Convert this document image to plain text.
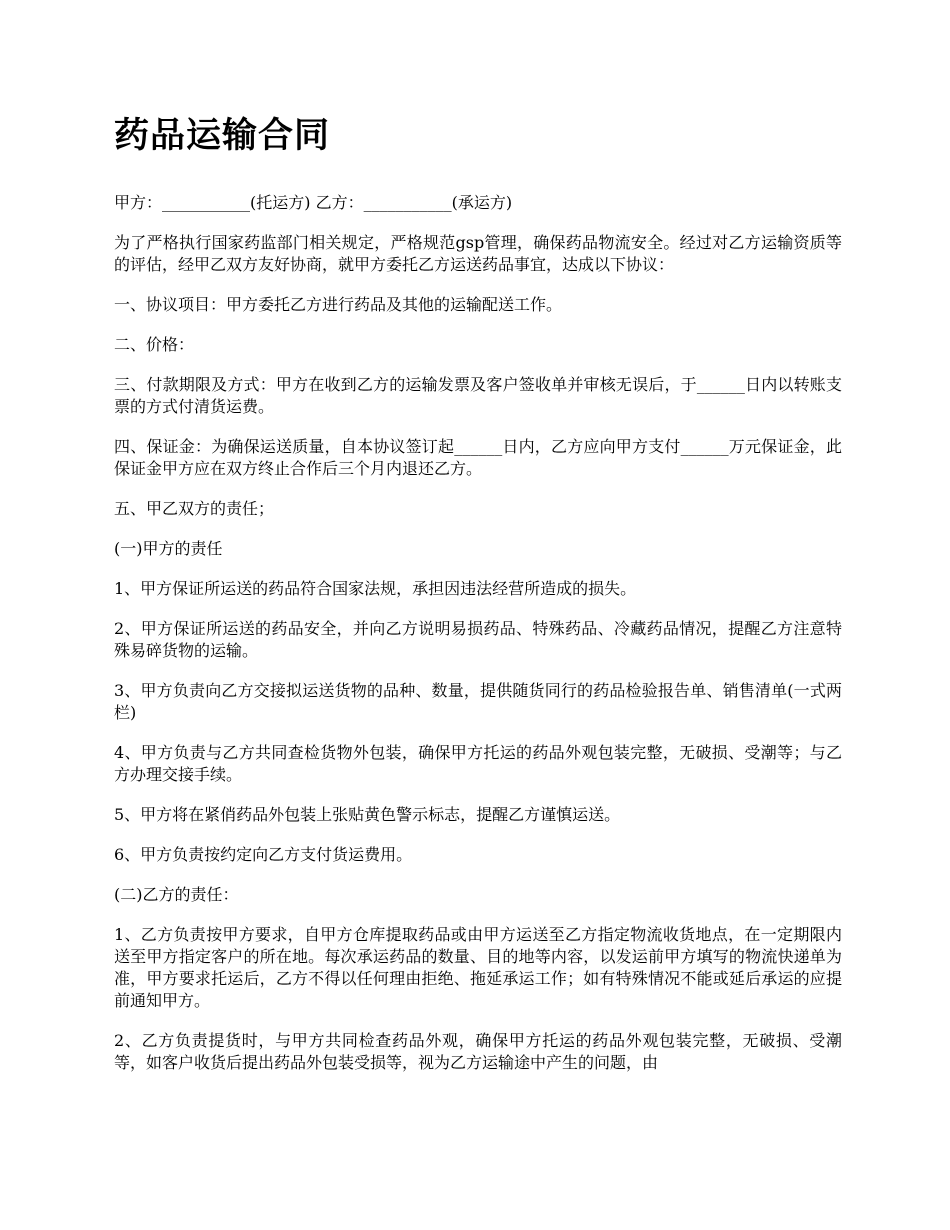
药品运输合同

甲方：___________(托运方) 乙方：___________(承运方)

为了严格执行国家药监部门相关规定，严格规范gsp管理，确保药品物流安全。经过对乙方运输资质等的评估，经甲乙双方友好协商，就甲方委托乙方运送药品事宜，达成以下协议：

一、协议项目：甲方委托乙方进行药品及其他的运输配送工作。

二、价格：

三、付款期限及方式：甲方在收到乙方的运输发票及客户签收单并审核无误后，于______日内以转账支票的方式付清货运费。

四、保证金：为确保运送质量，自本协议签订起______日内，乙方应向甲方支付______万元保证金，此保证金甲方应在双方终止合作后三个月内退还乙方。

五、甲乙双方的责任；

(一)甲方的责任

1、甲方保证所运送的药品符合国家法规，承担因违法经营所造成的损失。

2、甲方保证所运送的药品安全，并向乙方说明易损药品、特殊药品、冷藏药品情况，提醒乙方注意特殊易碎货物的运输。

3、甲方负责向乙方交接拟运送货物的品种、数量，提供随货同行的药品检验报告单、销售清单(一式两栏)

4、甲方负责与乙方共同查检货物外包装，确保甲方托运的药品外观包装完整，无破损、受潮等；与乙方办理交接手续。

5、甲方将在紧俏药品外包装上张贴黄色警示标志，提醒乙方谨慎运送。

6、甲方负责按约定向乙方支付货运费用。

(二)乙方的责任：

1、乙方负责按甲方要求，自甲方仓库提取药品或由甲方运送至乙方指定物流收货地点，在一定期限内送至甲方指定客户的所在地。每次承运药品的数量、目的地等内容，以发运前甲方填写的物流快递单为准，甲方要求托运后，乙方不得以任何理由拒绝、拖延承运工作；如有特殊情况不能或延后承运的应提前通知甲方。

2、乙方负责提货时，与甲方共同检查药品外观，确保甲方托运的药品外观包装完整，无破损、受潮等，如客户收货后提出药品外包装受损等，视为乙方运输途中产生的问题，由
